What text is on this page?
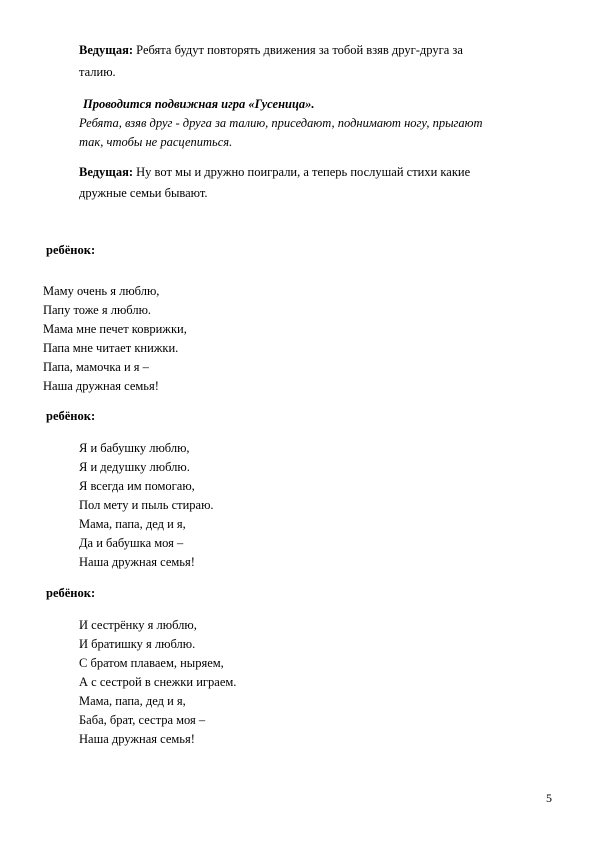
Ведущая: Ребята будут повторять движения за тобой взяв друг-друга за
талию.
Проводится подвижная игра «Гусеница».
Ребята, взяв друг - друга за талию, приседают, поднимают ногу, прыгают
так, чтобы не расцепиться.
Ведущая: Ну вот мы и дружно поиграли, а теперь послушай стихи какие
дружные семьи бывают.
ребёнок:
Маму очень я люблю,
Папу тоже я люблю.
Мама мне печет коврижки,
Папа мне читает книжки.
Папа, мамочка и я –
Наша дружная семья!
ребёнок:
Я и бабушку люблю,
Я и дедушку люблю.
Я всегда им помогаю,
Пол мету и пыль стираю.
Мама, папа, дед и я,
Да и бабушка моя –
Наша дружная семья!
ребёнок:
И сестрёнку я люблю,
И братишку я люблю.
С братом плаваем, ныряем,
А с сестрой в снежки играем.
Мама, папа, дед и я,
Баба, брат, сестра моя –
Наша дружная семья!
5
